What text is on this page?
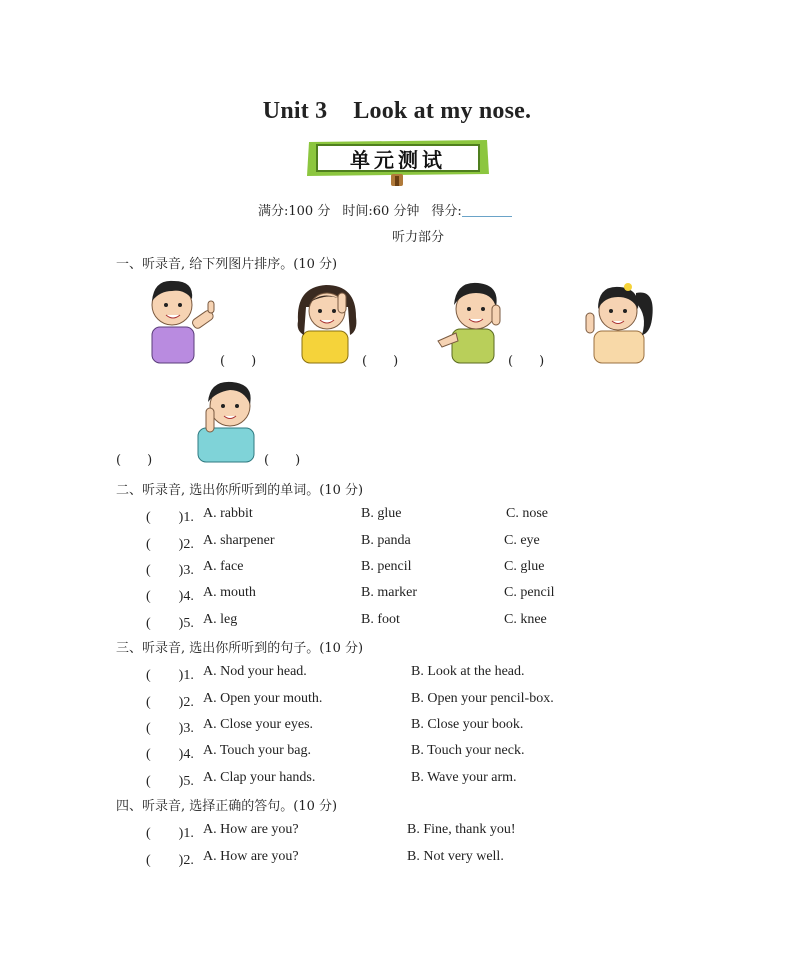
Unit 3 Look at my nose.
单元测试
满分:100 分 时间:60 分钟 得分:
听力部分
一、听录音, 给下列图片排序。(10 分)
(　　)	(　　)	(　　)
(　　)	(　　)
二、听录音, 选出你所听到的单词。(10 分)
(　　)1. A. rabbit	B. glue	C. nose
(　　)2. A. sharpener	B. panda	C. eye
(　　)3. A. face	B. pencil	C. glue
(　　)4. A. mouth	B. marker	C. pencil
(　　)5. A. leg	B. foot	C. knee
三、听录音, 选出你所听到的句子。(10 分)
(　　)1. A. Nod your head.	B. Look at the head.
(　　)2. A. Open your mouth.	B. Open your pencil-box.
(　　)3. A. Close your eyes.	B. Close your book.
(　　)4. A. Touch your bag.	B. Touch your neck.
(　　)5. A. Clap your hands.	B. Wave your arm.
四、听录音, 选择正确的答句。(10 分)
(　　)1. A. How are you?	B. Fine, thank you!
(　　)2. A. How are you?	B. Not very well.
